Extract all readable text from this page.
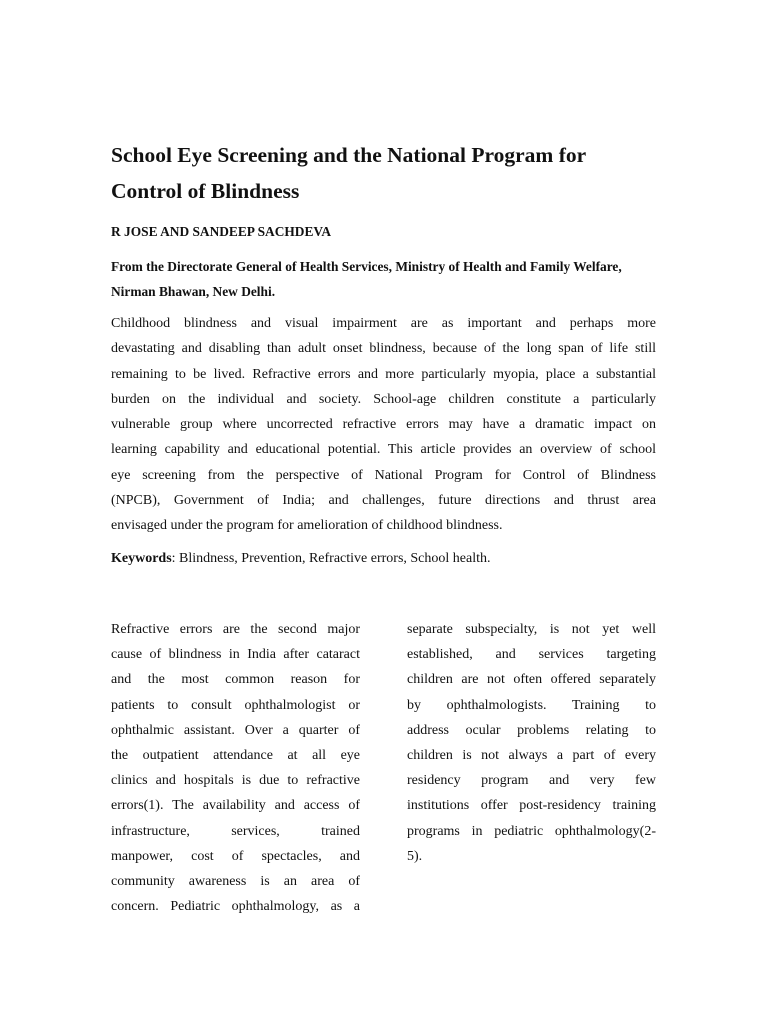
School Eye Screening and the National Program for
Control of Blindness
R JOSE AND SANDEEP SACHDEVA
From the Directorate General of Health Services, Ministry of Health and Family Welfare,
Nirman Bhawan, New Delhi.
Childhood blindness and visual impairment are as important and perhaps more
devastating and disabling than adult onset blindness, because of the long span of life still
remaining to be lived. Refractive errors and more particularly myopia, place a substantial
burden on the individual and society. School-age children constitute a particularly
vulnerable group where uncorrected refractive errors may have a dramatic impact on
learning capability and educational potential. This article provides an overview of school
eye screening from the perspective of National Program for Control of Blindness
(NPCB), Government of India; and challenges, future directions and thrust area
envisaged under the program for amelioration of childhood blindness.
Keywords: Blindness, Prevention, Refractive errors, School health.
Refractive errors are the second major
cause of blindness in India after cataract
and the most common reason for
patients to consult ophthalmologist or
ophthalmic assistant. Over a quarter of
the outpatient attendance at all eye
clinics and hospitals is due to refractive
errors(1). The availability and access of
infrastructure, services, trained
manpower, cost of spectacles, and
community awareness is an area of
concern. Pediatric ophthalmology, as a
separate subspecialty, is not yet well
established, and services targeting
children are not often offered separately
by ophthalmologists. Training to
address ocular problems relating to
children is not always a part of every
residency program and very few
institutions offer post-residency training
programs in pediatric ophthalmology(2-
5).
